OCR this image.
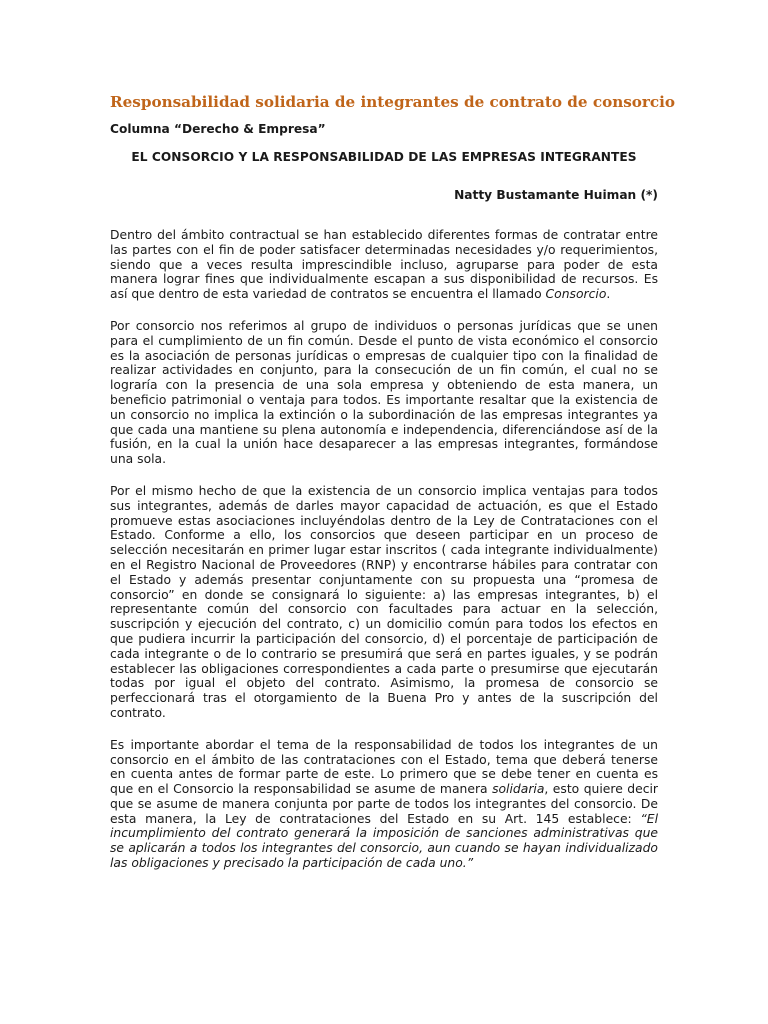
Responsabilidad solidaria de integrantes de contrato de consorcio
Columna “Derecho & Empresa”
EL CONSORCIO Y LA RESPONSABILIDAD DE LAS EMPRESAS INTEGRANTES
Natty Bustamante Huiman (*)

Dentro del ámbito contractual se han establecido diferentes formas de contratar entre las partes con el fin de poder satisfacer determinadas necesidades y/o requerimientos, siendo que a veces resulta imprescindible incluso, agruparse para poder de esta manera lograr fines que individualmente escapan a sus disponibilidad de recursos. Es así que dentro de esta variedad de contratos se encuentra el llamado Consorcio.

Por consorcio nos referimos al grupo de individuos o personas jurídicas que se unen para el cumplimiento de un fin común. Desde el punto de vista económico el consorcio es la asociación de personas jurídicas o empresas de cualquier tipo con la finalidad de realizar actividades en conjunto, para la consecución de un fin común, el cual no se lograría con la presencia de una sola empresa y obteniendo de esta manera, un beneficio patrimonial o ventaja para todos. Es importante resaltar que la existencia de un consorcio no implica la extinción o la subordinación de las empresas integrantes ya que cada una mantiene su plena autonomía e independencia, diferenciándose así de la fusión, en la cual la unión hace desaparecer a las empresas integrantes, formándose una sola.

Por el mismo hecho de que la existencia de un consorcio implica ventajas para todos sus integrantes, además de darles mayor capacidad de actuación, es que el Estado promueve estas asociaciones incluyéndolas dentro de la Ley de Contrataciones con el Estado. Conforme a ello, los consorcios que deseen participar en un proceso de selección necesitarán en primer lugar estar inscritos ( cada integrante individualmente) en el Registro Nacional de Proveedores (RNP) y encontrarse hábiles para contratar con el Estado y además presentar conjuntamente con su propuesta una “promesa de consorcio” en donde se consignará lo siguiente: a) las empresas integrantes, b) el representante común del consorcio con facultades para actuar en la selección, suscripción y ejecución del contrato, c) un domicilio común para todos los efectos en que pudiera incurrir la participación del consorcio, d) el porcentaje de participación de cada integrante o de lo contrario se presumirá que será en partes iguales, y se podrán establecer las obligaciones correspondientes a cada parte o presumirse que ejecutarán todas por igual el objeto del contrato. Asimismo, la promesa de consorcio se perfeccionará tras el otorgamiento de la Buena Pro y antes de la suscripción del contrato.

Es importante abordar el tema de la responsabilidad de todos los integrantes de un consorcio en el ámbito de las contrataciones con el Estado, tema que deberá tenerse en cuenta antes de formar parte de este. Lo primero que se debe tener en cuenta es que en el Consorcio la responsabilidad se asume de manera solidaria, esto quiere decir que se asume de manera conjunta por parte de todos los integrantes del consorcio. De esta manera, la Ley de contrataciones del Estado en su Art. 145 establece: “El incumplimiento del contrato generará la imposición de sanciones administrativas que se aplicarán a todos los integrantes del consorcio, aun cuando se hayan individualizado las obligaciones y precisado la participación de cada uno.”
